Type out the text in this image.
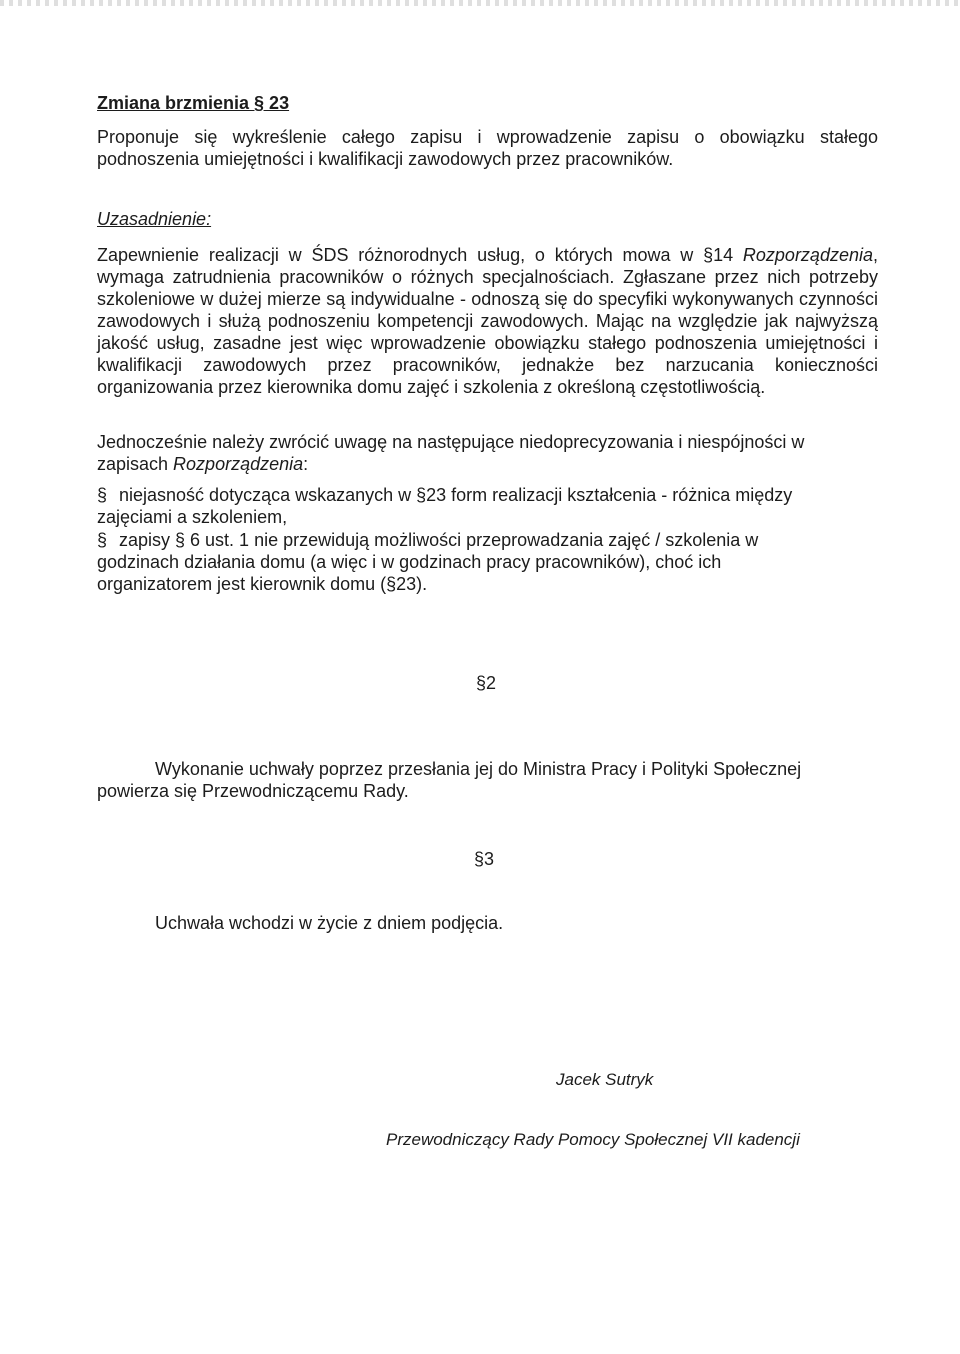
Zmiana brzmienia § 23

Proponuje się wykreślenie całego zapisu i wprowadzenie zapisu o obowiązku stałego podnoszenia umiejętności i kwalifikacji zawodowych przez pracowników.

Uzasadnienie:

Zapewnienie realizacji w ŚDS różnorodnych usług, o których mowa w §14 Rozporządzenia, wymaga zatrudnienia pracowników o różnych specjalnościach. Zgłaszane przez nich potrzeby szkoleniowe w dużej mierze są indywidualne - odnoszą się do specyfiki wykonywanych czynności zawodowych i służą podnoszeniu kompetencji zawodowych. Mając na względzie jak najwyższą jakość usług, zasadne jest więc wprowadzenie obowiązku stałego podnoszenia umiejętności i kwalifikacji zawodowych przez pracowników, jednakże bez narzucania konieczności organizowania przez kierownika domu zajęć i szkolenia z określoną częstotliwością.

Jednocześnie należy zwrócić uwagę na następujące niedoprecyzowania i niespójności w zapisach Rozporządzenia:

§ niejasność dotycząca wskazanych w §23 form realizacji kształcenia - różnica między zajęciami a szkoleniem,

§ zapisy § 6 ust. 1 nie przewidują możliwości przeprowadzania zajęć / szkolenia w godzinach działania domu (a więc i w godzinach pracy pracowników), choć ich organizatorem jest kierownik domu (§23).

§2

Wykonanie uchwały poprzez przesłania jej do Ministra Pracy i Polityki Społecznej powierza się Przewodniczącemu Rady.

§3

Uchwała wchodzi w życie z dniem podjęcia.

Jacek Sutryk

Przewodniczący Rady Pomocy Społecznej VII kadencji
